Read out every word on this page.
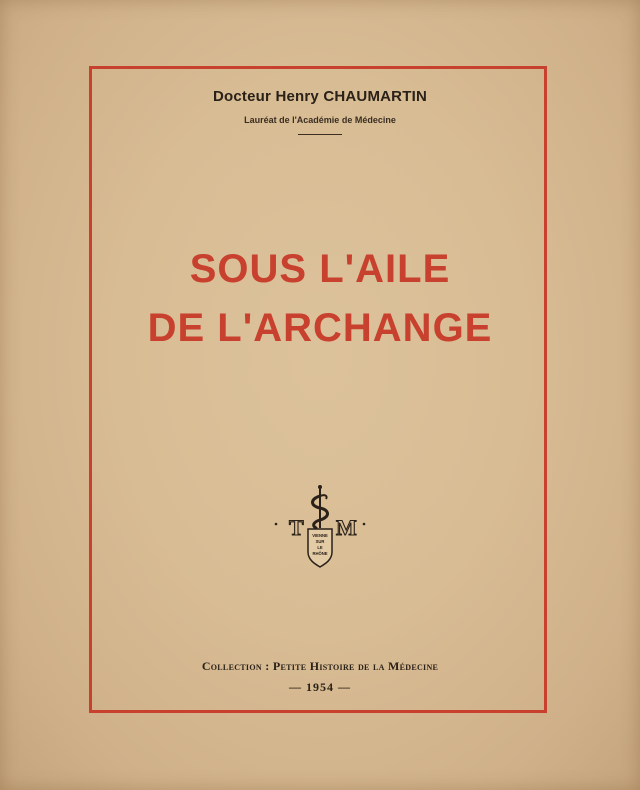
Docteur Henry CHAUMARTIN
Lauréat de l'Académie de Médecine
SOUS L'AILE
DE L'ARCHANGE
T M
VIENNE
SUR
LE
RHÔNE
Collection : Petite Histoire de la Médecine
— 1954 —
